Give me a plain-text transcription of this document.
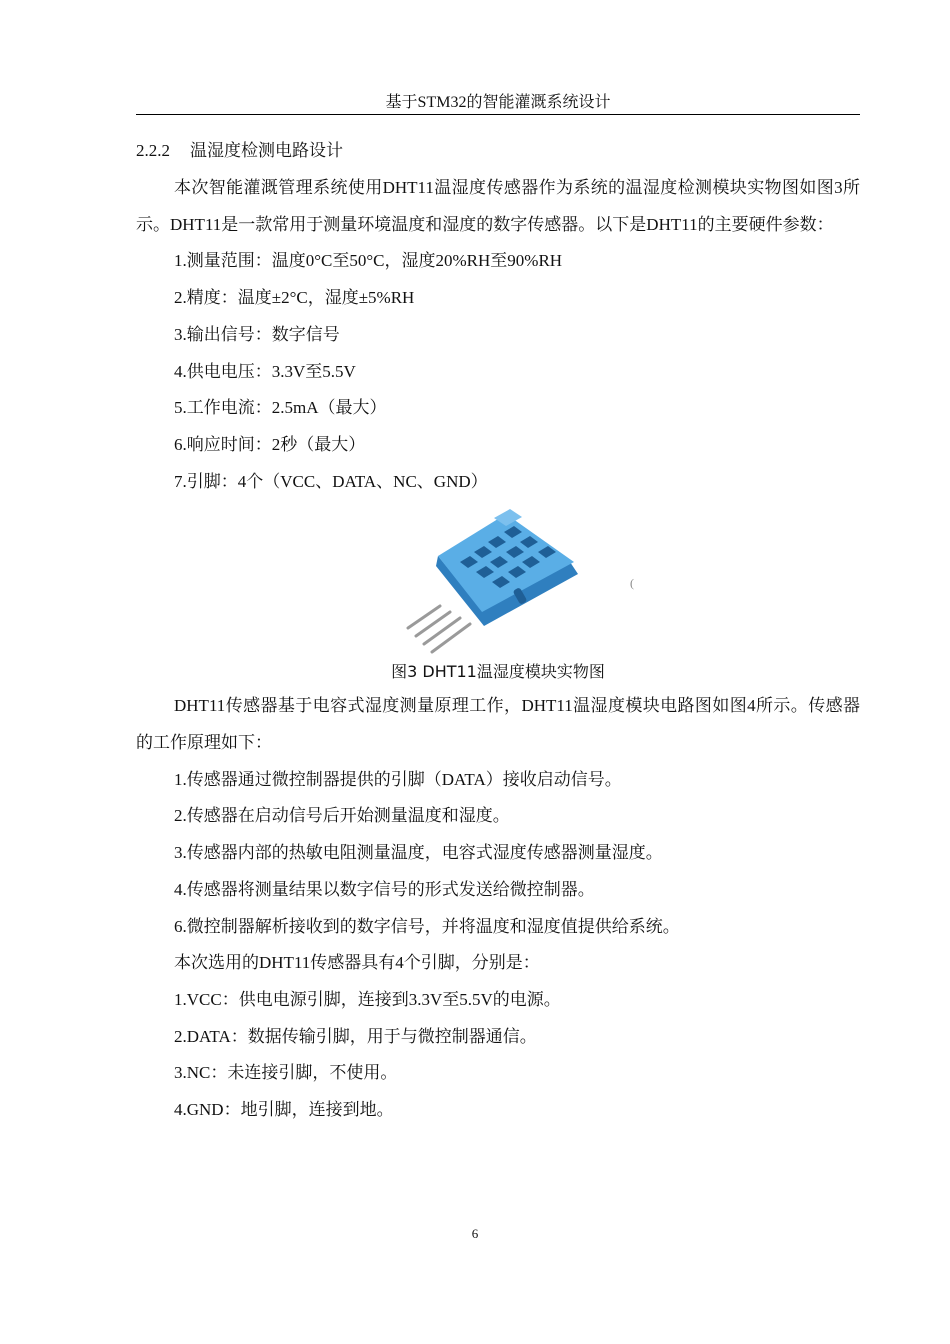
基于STM32的智能灌溉系统设计
2.2.2 温湿度检测电路设计

本次智能灌溉管理系统使用DHT11温湿度传感器作为系统的温湿度检测模块实物图如图3所示。DHT11是一款常用于测量环境温度和湿度的数字传感器。以下是DHT11的主要硬件参数：

1.测量范围：温度0°C至50°C，湿度20%RH至90%RH

2.精度：温度±2°C，湿度±5%RH

3.输出信号：数字信号

4.供电电压：3.3V至5.5V

5.工作电流：2.5mA（最大）

6.响应时间：2秒（最大）

7.引脚：4个（VCC、DATA、NC、GND）

(
图3 DHT11温湿度模块实物图

DHT11传感器基于电容式湿度测量原理工作，DHT11温湿度模块电路图如图4所示。传感器的工作原理如下：

1.传感器通过微控制器提供的引脚（DATA）接收启动信号。

2.传感器在启动信号后开始测量温度和湿度。

3.传感器内部的热敏电阻测量温度，电容式湿度传感器测量湿度。

4.传感器将测量结果以数字信号的形式发送给微控制器。

6.微控制器解析接收到的数字信号，并将温度和湿度值提供给系统。

本次选用的DHT11传感器具有4个引脚，分别是：

1.VCC：供电电源引脚，连接到3.3V至5.5V的电源。

2.DATA：数据传输引脚，用于与微控制器通信。

3.NC：未连接引脚，不使用。

4.GND：地引脚，连接到地。

6
